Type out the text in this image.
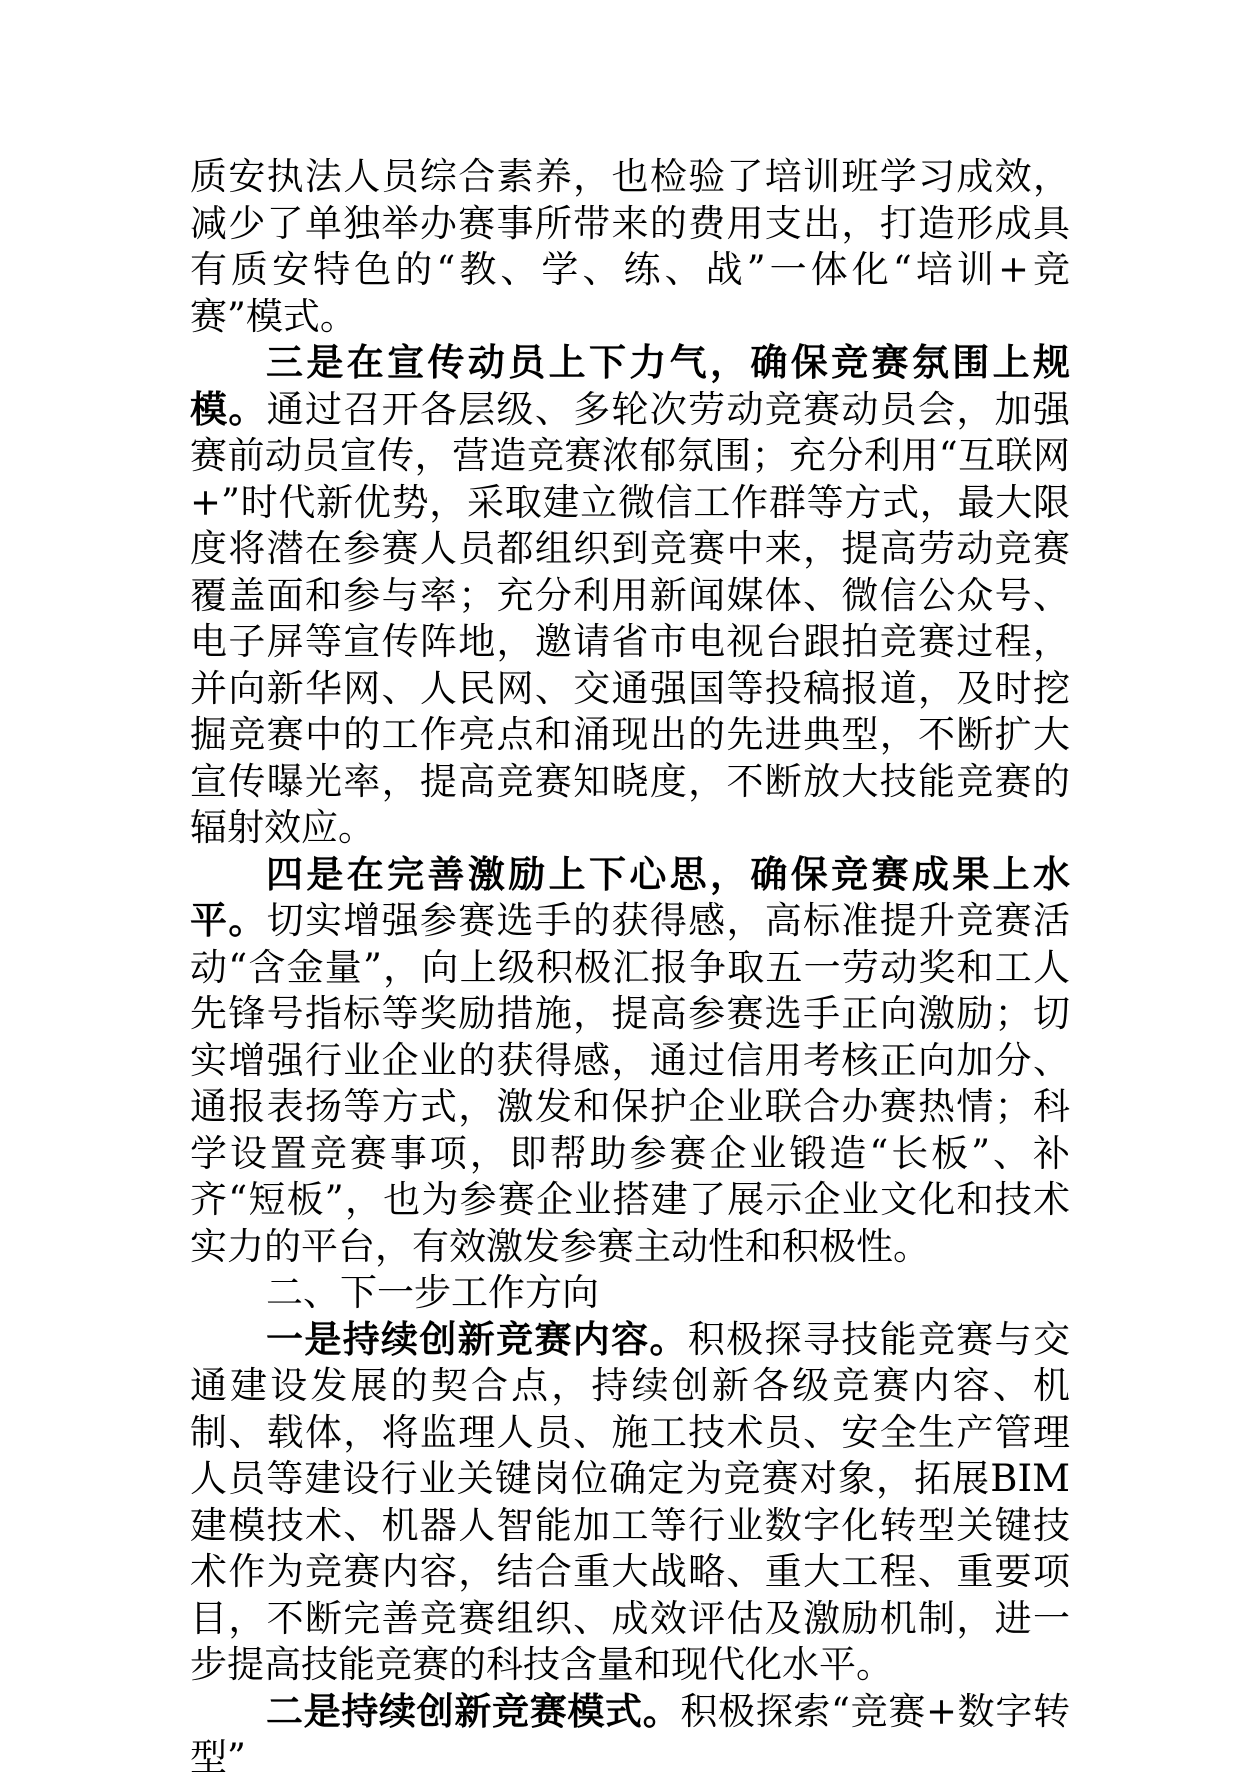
质安执法人员综合素养，也检验了培训班学习成效，减少了单独举办赛事所带来的费用支出，打造形成具有质安特色的“教、学、练、战”一体化“培训+竞赛”模式。

三是在宣传动员上下力气，确保竞赛氛围上规模。通过召开各层级、多轮次劳动竞赛动员会，加强赛前动员宣传，营造竞赛浓郁氛围；充分利用“互联网+”时代新优势，采取建立微信工作群等方式，最大限度将潜在参赛人员都组织到竞赛中来，提高劳动竞赛覆盖面和参与率；充分利用新闻媒体、微信公众号、电子屏等宣传阵地，邀请省市电视台跟拍竞赛过程，并向新华网、人民网、交通强国等投稿报道，及时挖掘竞赛中的工作亮点和涌现出的先进典型，不断扩大宣传曝光率，提高竞赛知晓度，不断放大技能竞赛的辐射效应。

四是在完善激励上下心思，确保竞赛成果上水平。切实增强参赛选手的获得感，高标准提升竞赛活动“含金量”，向上级积极汇报争取五一劳动奖和工人先锋号指标等奖励措施，提高参赛选手正向激励；切实增强行业企业的获得感，通过信用考核正向加分、通报表扬等方式，激发和保护企业联合办赛热情；科学设置竞赛事项，即帮助参赛企业锻造“长板”、补齐“短板”，也为参赛企业搭建了展示企业文化和技术实力的平台，有效激发参赛主动性和积极性。

二、下一步工作方向

一是持续创新竞赛内容。积极探寻技能竞赛与交通建设发展的契合点，持续创新各级竞赛内容、机制、载体，将监理人员、施工技术员、安全生产管理人员等建设行业关键岗位确定为竞赛对象，拓展BIM建模技术、机器人智能加工等行业数字化转型关键技术作为竞赛内容，结合重大战略、重大工程、重要项目，不断完善竞赛组织、成效评估及激励机制，进一步提高技能竞赛的科技含量和现代化水平。

二是持续创新竞赛模式。积极探索“竞赛+数字转型”
